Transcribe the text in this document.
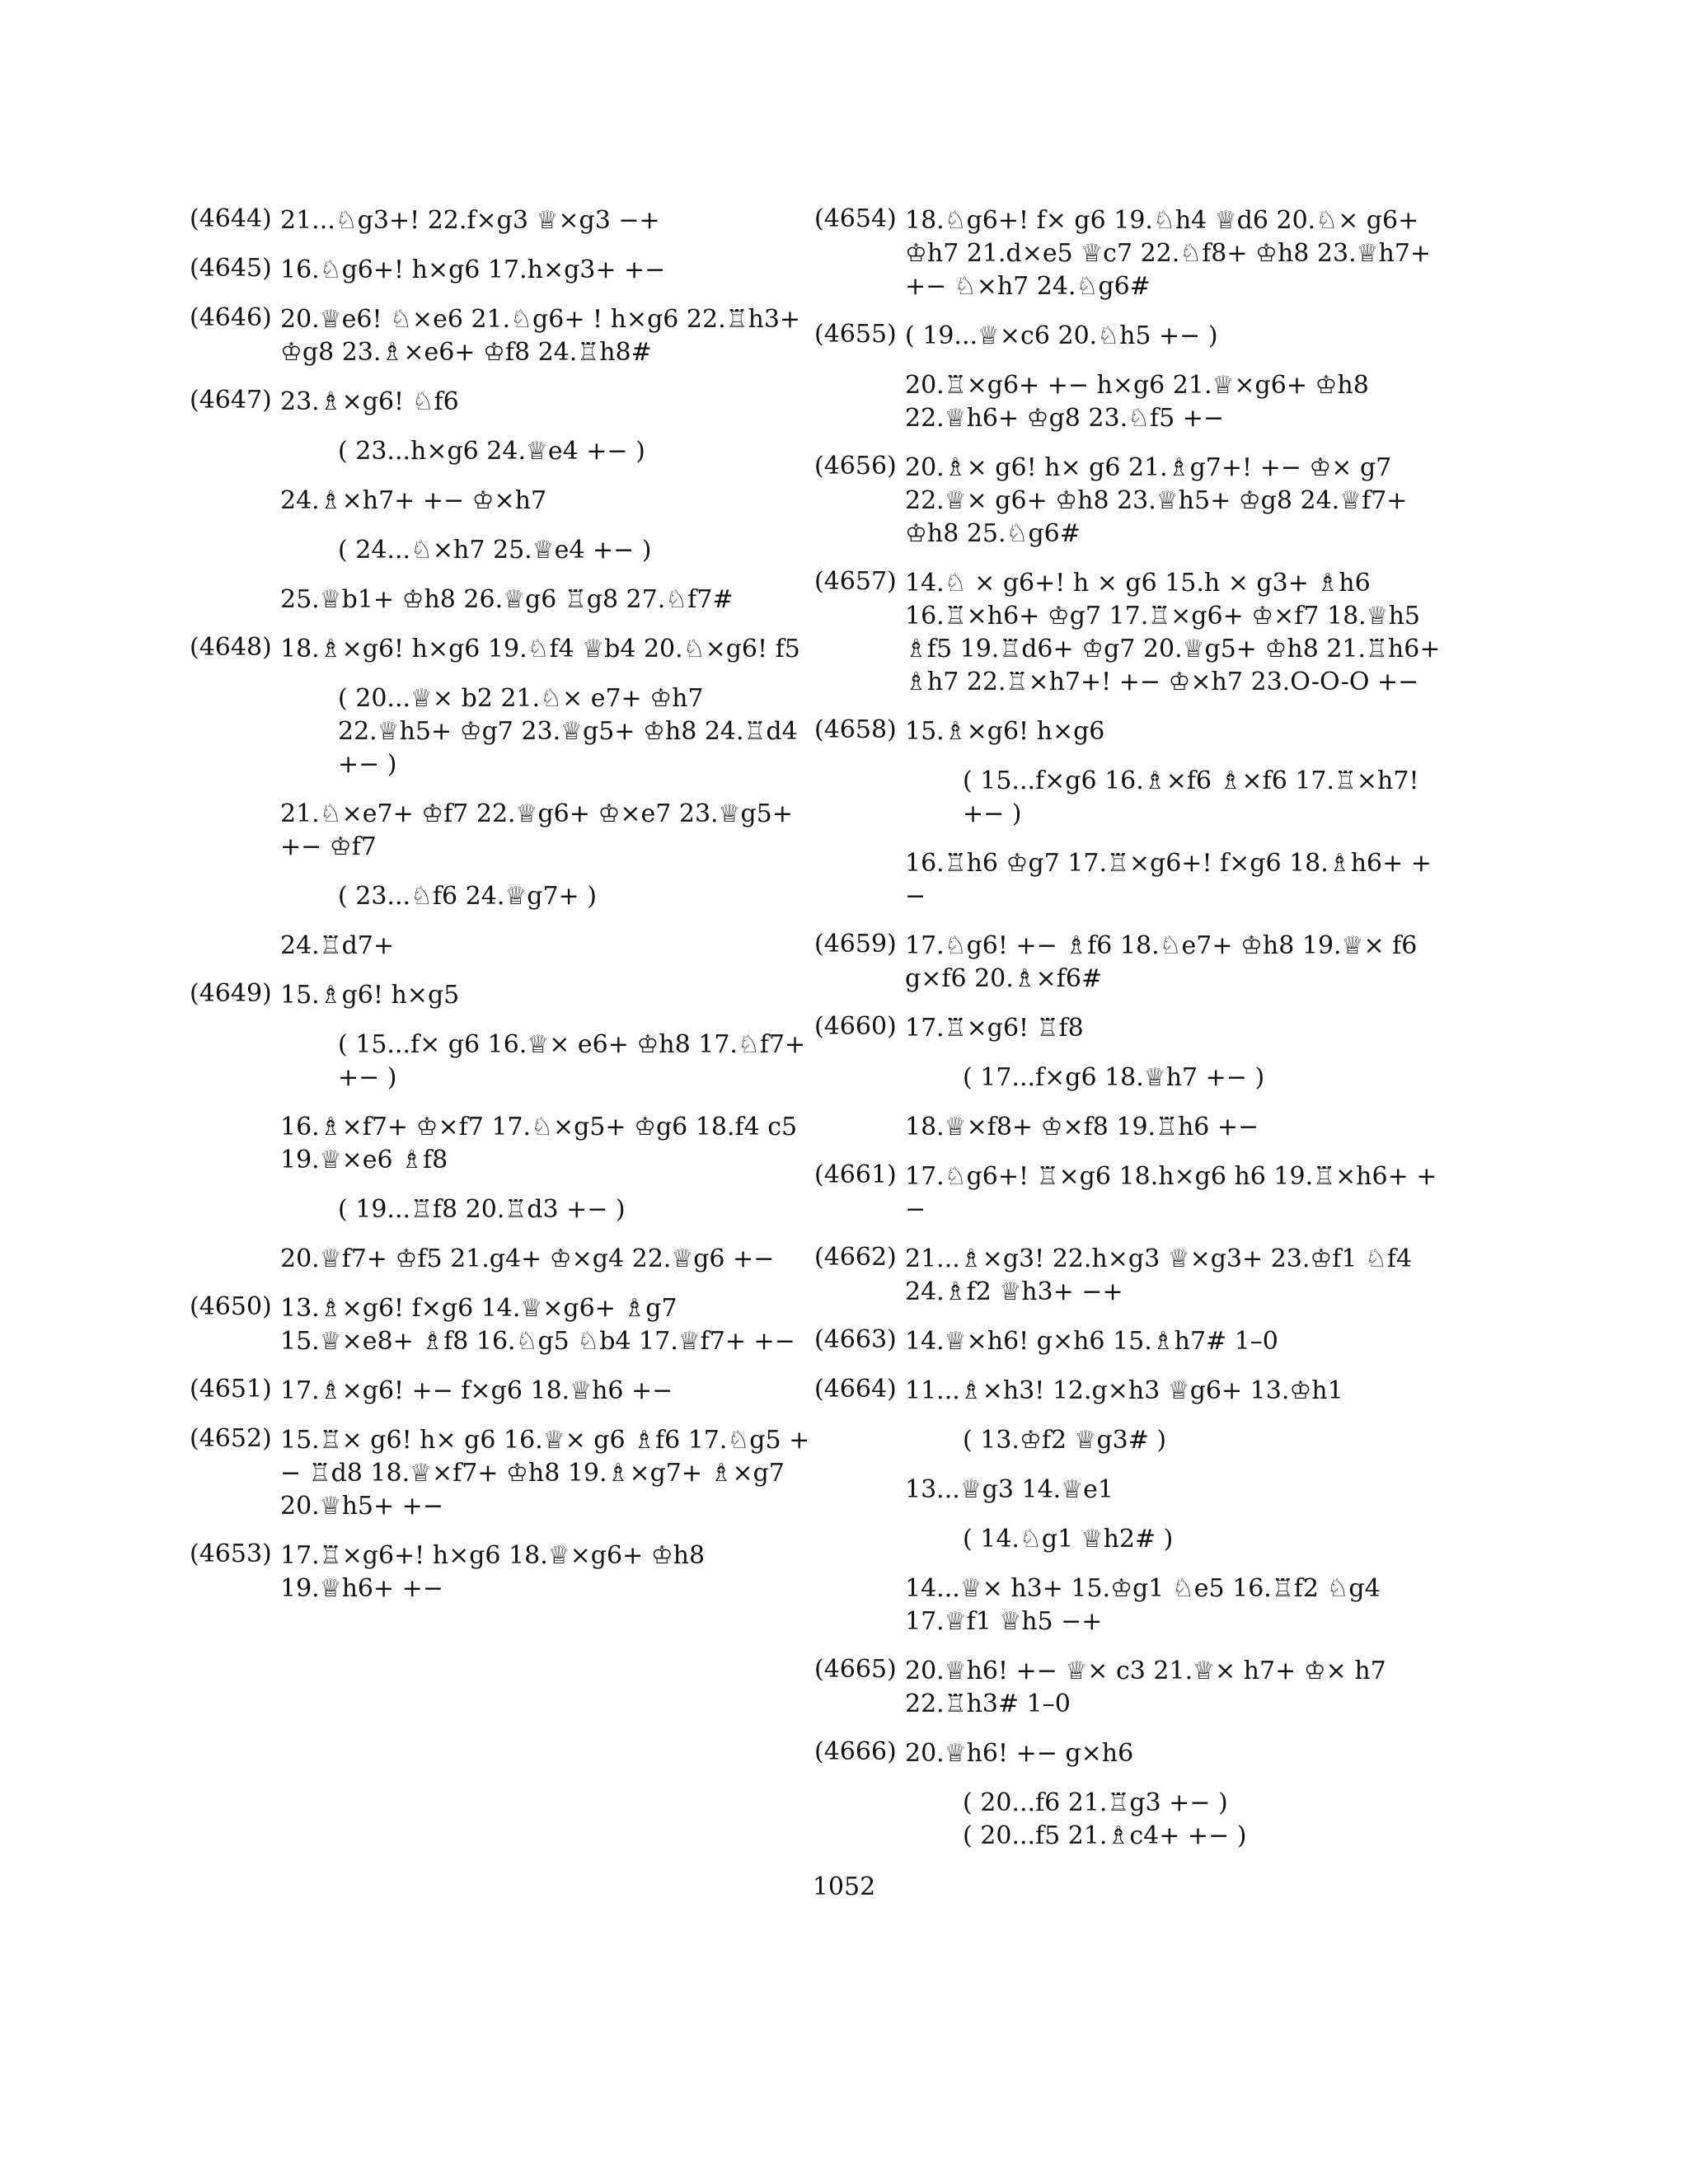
(4644) 21...♘g3+! 22.f×g3 ♕×g3 −+
(4645) 16.♘g6+! h×g6 17.h×g3+ +−
(4646) 20.♕e6! ♘×e6 21.♘g6+ ! h×g6 22.♖h3+ ♔g8 23.♗×e6+ ♔f8 24.♖h8#
(4647) 23.♗×g6! ♘f6
( 23...h×g6 24.♕e4 +− )
24.♗×h7+ +− ♔×h7
( 24...♘×h7 25.♕e4 +− )
25.♕b1+ ♔h8 26.♕g6 ♖g8 27.♘f7#
(4648) 18.♗×g6! h×g6 19.♘f4 ♕b4 20.♘×g6! f5
( 20...♕× b2 21.♘× e7+ ♔h7 22.♕h5+ ♔g7 23.♕g5+ ♔h8 24.♖d4 +− )
21.♘×e7+ ♔f7 22.♕g6+ ♔×e7 23.♕g5+ +− ♔f7
( 23...♘f6 24.♕g7+ )
24.♖d7+
(4649) 15.♗g6! h×g5
( 15...f× g6 16.♕× e6+ ♔h8 17.♘f7+ +− )
16.♗×f7+ ♔×f7 17.♘×g5+ ♔g6 18.f4 c5 19.♕×e6 ♗f8
( 19...♖f8 20.♖d3 +− )
20.♕f7+ ♔f5 21.g4+ ♔×g4 22.♕g6 +−
(4650) 13.♗×g6! f×g6 14.♕×g6+ ♗g7 15.♕×e8+ ♗f8 16.♘g5 ♘b4 17.♕f7+ +−
(4651) 17.♗×g6! +− f×g6 18.♕h6 +−
(4652) 15.♖× g6! h× g6 16.♕× g6 ♗f6 17.♘g5 +− ♖d8 18.♕×f7+ ♔h8 19.♗×g7+ ♗×g7 20.♕h5+ +−
(4653) 17.♖×g6+! h×g6 18.♕×g6+ ♔h8 19.♕h6+ +−
(4654) 18.♘g6+! f× g6 19.♘h4 ♕d6 20.♘× g6+ ♔h7 21.d×e5 ♕c7 22.♘f8+ ♔h8 23.♕h7+ +− ♘×h7 24.♘g6#
(4655) ( 19...♕×c6 20.♘h5 +− )
20.♖×g6+ +− h×g6 21.♕×g6+ ♔h8 22.♕h6+ ♔g8 23.♘f5 +−
(4656) 20.♗× g6! h× g6 21.♗g7+! +− ♔× g7 22.♕× g6+ ♔h8 23.♕h5+ ♔g8 24.♕f7+ ♔h8 25.♘g6#
(4657) 14.♘ × g6+! h × g6 15.h × g3+ ♗h6 16.♖×h6+ ♔g7 17.♖×g6+ ♔×f7 18.♕h5 ♗f5 19.♖d6+ ♔g7 20.♕g5+ ♔h8 21.♖h6+ ♗h7 22.♖×h7+! +− ♔×h7 23.O-O-O +−
(4658) 15.♗×g6! h×g6
( 15...f×g6 16.♗×f6 ♗×f6 17.♖×h7! +− )
16.♖h6 ♔g7 17.♖×g6+! f×g6 18.♗h6+ +−
(4659) 17.♘g6! +− ♗f6 18.♘e7+ ♔h8 19.♕× f6 g×f6 20.♗×f6#
(4660) 17.♖×g6! ♖f8
( 17...f×g6 18.♕h7 +− )
18.♕×f8+ ♔×f8 19.♖h6 +−
(4661) 17.♘g6+! ♖×g6 18.h×g6 h6 19.♖×h6+ +−
(4662) 21...♗×g3! 22.h×g3 ♕×g3+ 23.♔f1 ♘f4 24.♗f2 ♕h3+ −+
(4663) 14.♕×h6! g×h6 15.♗h7# 1–0
(4664) 11...♗×h3! 12.g×h3 ♕g6+ 13.♔h1
( 13.♔f2 ♕g3# )
13...♕g3 14.♕e1
( 14.♘g1 ♕h2# )
14...♕× h3+ 15.♔g1 ♘e5 16.♖f2 ♘g4 17.♕f1 ♕h5 −+
(4665) 20.♕h6! +− ♕× c3 21.♕× h7+ ♔× h7 22.♖h3# 1–0
(4666) 20.♕h6! +− g×h6
( 20...f6 21.♖g3 +− )
( 20...f5 21.♗c4+ +− )
1052
